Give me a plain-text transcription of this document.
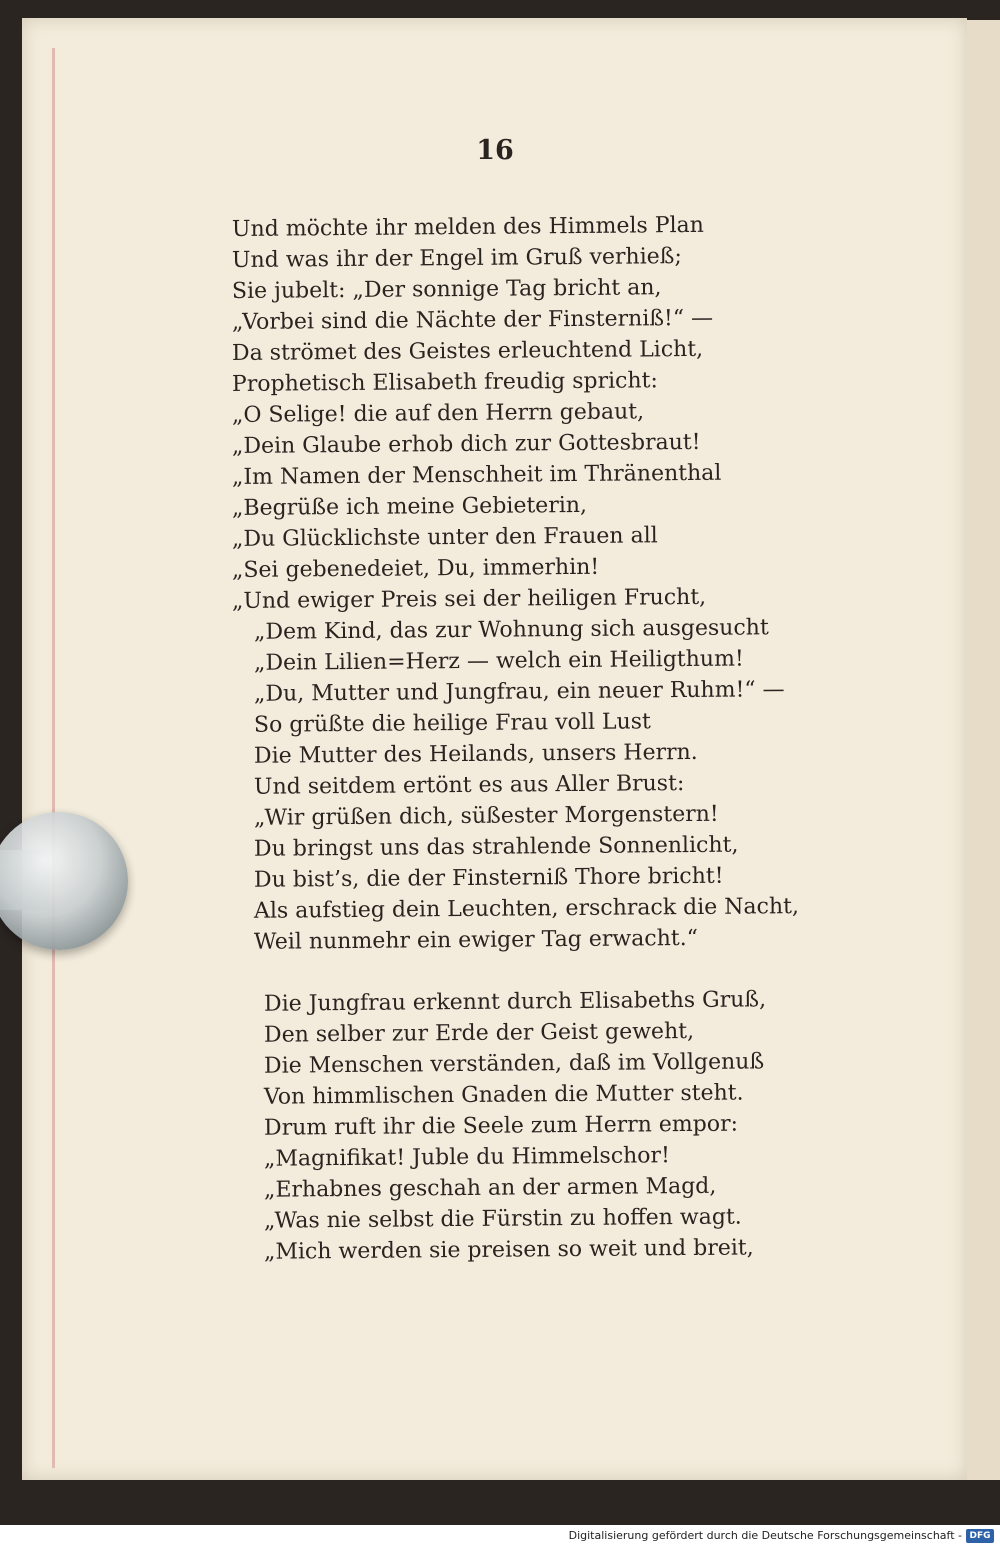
16
Und möchte ihr melden des Himmels Plan
Und was ihr der Engel im Gruß verhieß;
Sie jubelt: „Der sonnige Tag bricht an,
„Vorbei sind die Nächte der Finsterniß!“ —
Da strömet des Geistes erleuchtend Licht,
Prophetisch Elisabeth freudig spricht:
„O Selige! die auf den Herrn gebaut,
„Dein Glaube erhob dich zur Gottesbraut!
„Im Namen der Menschheit im Thränenthal
„Begrüße ich meine Gebieterin,
„Du Glücklichste unter den Frauen all
„Sei gebenedeiet, Du, immerhin!
„Und ewiger Preis sei der heiligen Frucht,
„Dem Kind, das zur Wohnung sich ausgesucht
„Dein Lilien=Herz — welch ein Heiligthum!
„Du, Mutter und Jungfrau, ein neuer Ruhm!“ —
So grüßte die heilige Frau voll Lust
Die Mutter des Heilands, unsers Herrn.
Und seitdem ertönt es aus Aller Brust:
„Wir grüßen dich, süßester Morgenstern!
Du bringst uns das strahlende Sonnenlicht,
Du bist’s, die der Finsterniß Thore bricht!
Als aufstieg dein Leuchten, erschrack die Nacht,
Weil nunmehr ein ewiger Tag erwacht.“
Die Jungfrau erkennt durch Elisabeths Gruß,
Den selber zur Erde der Geist geweht,
Die Menschen verständen, daß im Vollgenuß
Von himmlischen Gnaden die Mutter steht.
Drum ruft ihr die Seele zum Herrn empor:
„Magnifikat! Juble du Himmelschor!
„Erhabnes geschah an der armen Magd,
„Was nie selbst die Fürstin zu hoffen wagt.
„Mich werden sie preisen so weit und breit,
Digitalisierung gefördert durch die Deutsche Forschungsgemeinschaft - DFG
